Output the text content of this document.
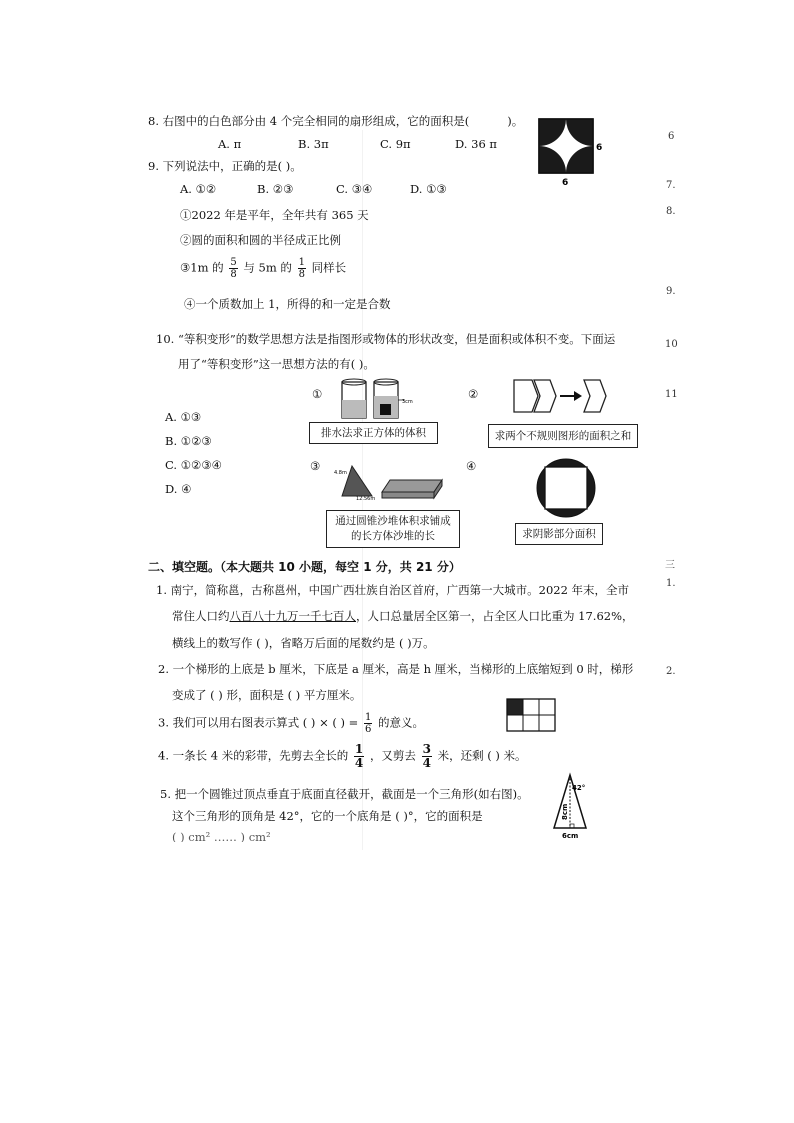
8. 右图中的白色部分由 4 个完全相同的扇形组成，它的面积是(	)。
A. π	B. 3π	C. 9π	D. 36 π	6
6
9. 下列说法中，正确的是( )。
A. ①②	B. ②③	C. ③④	D. ①③
①2022 年是平年，全年共有 365 天
②圆的面积和圆的半径成正比例
③1m 的 $\frac{5}{8}$ 与 5m 的 $\frac{1}{8}$ 同样长
④一个质数加上 1，所得的和一定是合数
10. “等积变形”的数学思想方法是指图形或物体的形状改变，但是面积或体积不变。下面运
用了“等积变形”这一思想方法的有( )。
A. ①③
B. ①②③
C. ①②③④
D. ④
①
3cm
排水法求正方体的体积
②
求两个不规则图形的面积之和
③	4.8m
12.56m
通过圆锥沙堆体积求铺成
的长方体沙堆的长
④
求阴影部分面积
二、填空题。（本大题共 10 小题，每空 1 分，共 21 分）
1. 南宁，简称邕，古称邕州，中国广西壮族自治区首府，广西第一大城市。2022 年末，全市
常住人口约八百八十九万一千七百人，人口总量居全区第一，占全区人口比重为 17.62%，
横线上的数写作 ( )，省略万后面的尾数约是 ( )万。
2. 一个梯形的上底是 b 厘米，下底是 a 厘米，高是 h 厘米，当梯形的上底缩短到 0 时，梯形
变成了 ( ) 形，面积是 ( ) 平方厘米。
3. 我们可以用右图表示算式 ( ) × ( ) = $\frac{1}{6}$ 的意义。
4. 一条长 4 米的彩带，先剪去全长的 $\frac{1}{4}$ ，又剪去 $\frac{3}{4}$ 米，还剩 ( ) 米。
5. 把一个圆锥过顶点垂直于底面直径截开，截面是一个三角形(如右图)。
这个三角形的顶角是 42°，它的一个底角是 ( )°，它的面积是
( ) cm² …… ) cm²
42°
8cm
6cm
6
7.
8.
9.
10
11
三
1.
2.
